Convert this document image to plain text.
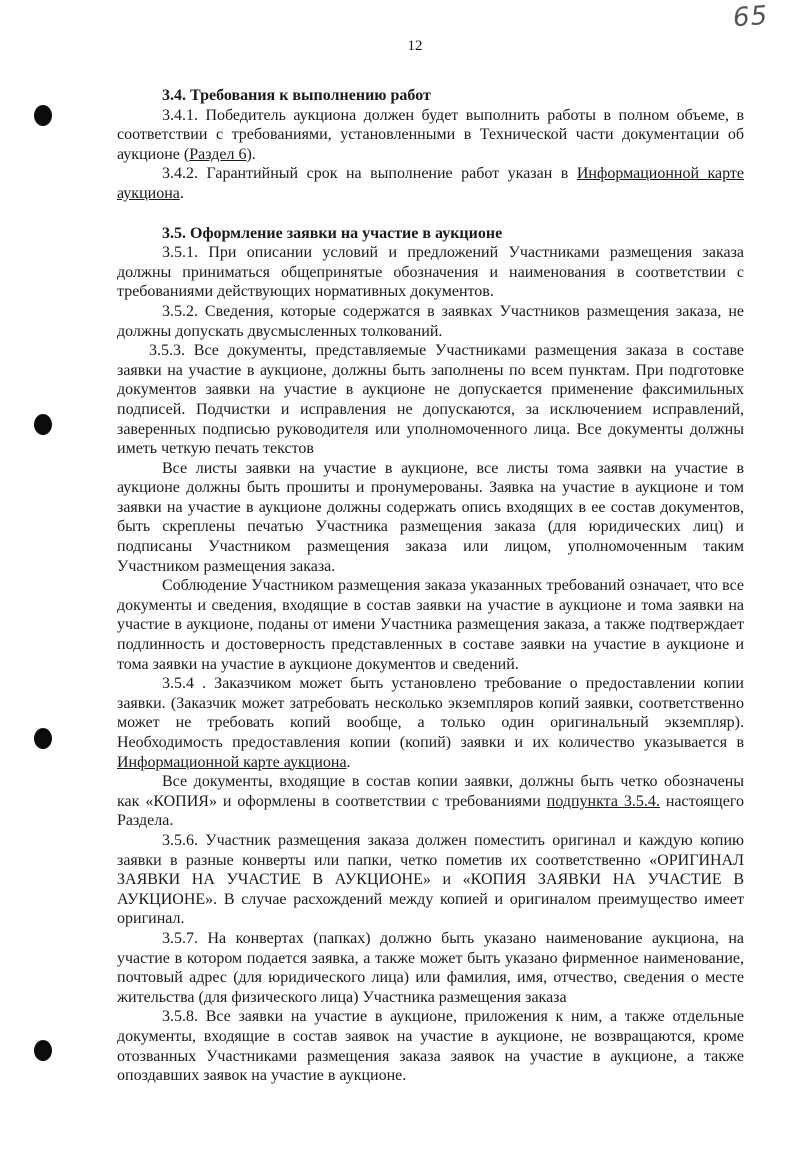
65
12
3.4. Требования к выполнению работ

3.4.1. Победитель аукциона должен будет выполнить работы в полном объеме, в соответствии с требованиями, установленными в Технической части документации об аукционе (Раздел 6).

3.4.2. Гарантийный срок на выполнение работ указан в Информационной карте аукциона.

3.5. Оформление заявки на участие в аукционе

3.5.1. При описании условий и предложений Участниками размещения заказа должны приниматься общепринятые обозначения и наименования в соответствии с требованиями действующих нормативных документов.

3.5.2. Сведения, которые содержатся в заявках Участников размещения заказа, не должны допускать двусмысленных толкований.

3.5.3. Все документы, представляемые Участниками размещения заказа в составе заявки на участие в аукционе, должны быть заполнены по всем пунктам. При подготовке документов заявки на участие в аукционе не допускается применение факсимильных подписей. Подчистки и исправления не допускаются, за исключением исправлений, заверенных подписью руководителя или уполномоченного лица. Все документы должны иметь четкую печать текстов

Все листы заявки на участие в аукционе, все листы тома заявки на участие в аукционе должны быть прошиты и пронумерованы. Заявка на участие в аукционе и том заявки на участие в аукционе должны содержать опись входящих в ее состав документов, быть скреплены печатью Участника размещения заказа (для юридических лиц) и подписаны Участником размещения заказа или лицом, уполномоченным таким Участником размещения заказа.

Соблюдение Участником размещения заказа указанных требований означает, что все документы и сведения, входящие в состав заявки на участие в аукционе и тома заявки на участие в аукционе, поданы от имени Участника размещения заказа, а также подтверждает подлинность и достоверность представленных в составе заявки на участие в аукционе и тома заявки на участие в аукционе документов и сведений.

3.5.4 . Заказчиком может быть установлено требование о предоставлении копии заявки. (Заказчик может затребовать несколько экземпляров копий заявки, соответственно может не требовать копий вообще, а только один оригинальный экземпляр). Необходимость предоставления копии (копий) заявки и их количество указывается в Информационной карте аукциона.

Все документы, входящие в состав копии заявки, должны быть четко обозначены как «КОПИЯ» и оформлены в соответствии с требованиями подпункта 3.5.4. настоящего Раздела.

3.5.6. Участник размещения заказа должен поместить оригинал и каждую копию заявки в разные конверты или папки, четко пометив их соответственно «ОРИГИНАЛ ЗАЯВКИ НА УЧАСТИЕ В АУКЦИОНЕ» и «КОПИЯ ЗАЯВКИ НА УЧАСТИЕ В АУКЦИОНЕ». В случае расхождений между копией и оригиналом преимущество имеет оригинал.

3.5.7. На конвертах (папках) должно быть указано наименование аукциона, на участие в котором подается заявка, а также может быть указано фирменное наименование, почтовый адрес (для юридического лица) или фамилия, имя, отчество, сведения о месте жительства (для физического лица) Участника размещения заказа

3.5.8. Все заявки на участие в аукционе, приложения к ним, а также отдельные документы, входящие в состав заявок на участие в аукционе, не возвращаются, кроме отозванных Участниками размещения заказа заявок на участие в аукционе, а также опоздавших заявок на участие в аукционе.
